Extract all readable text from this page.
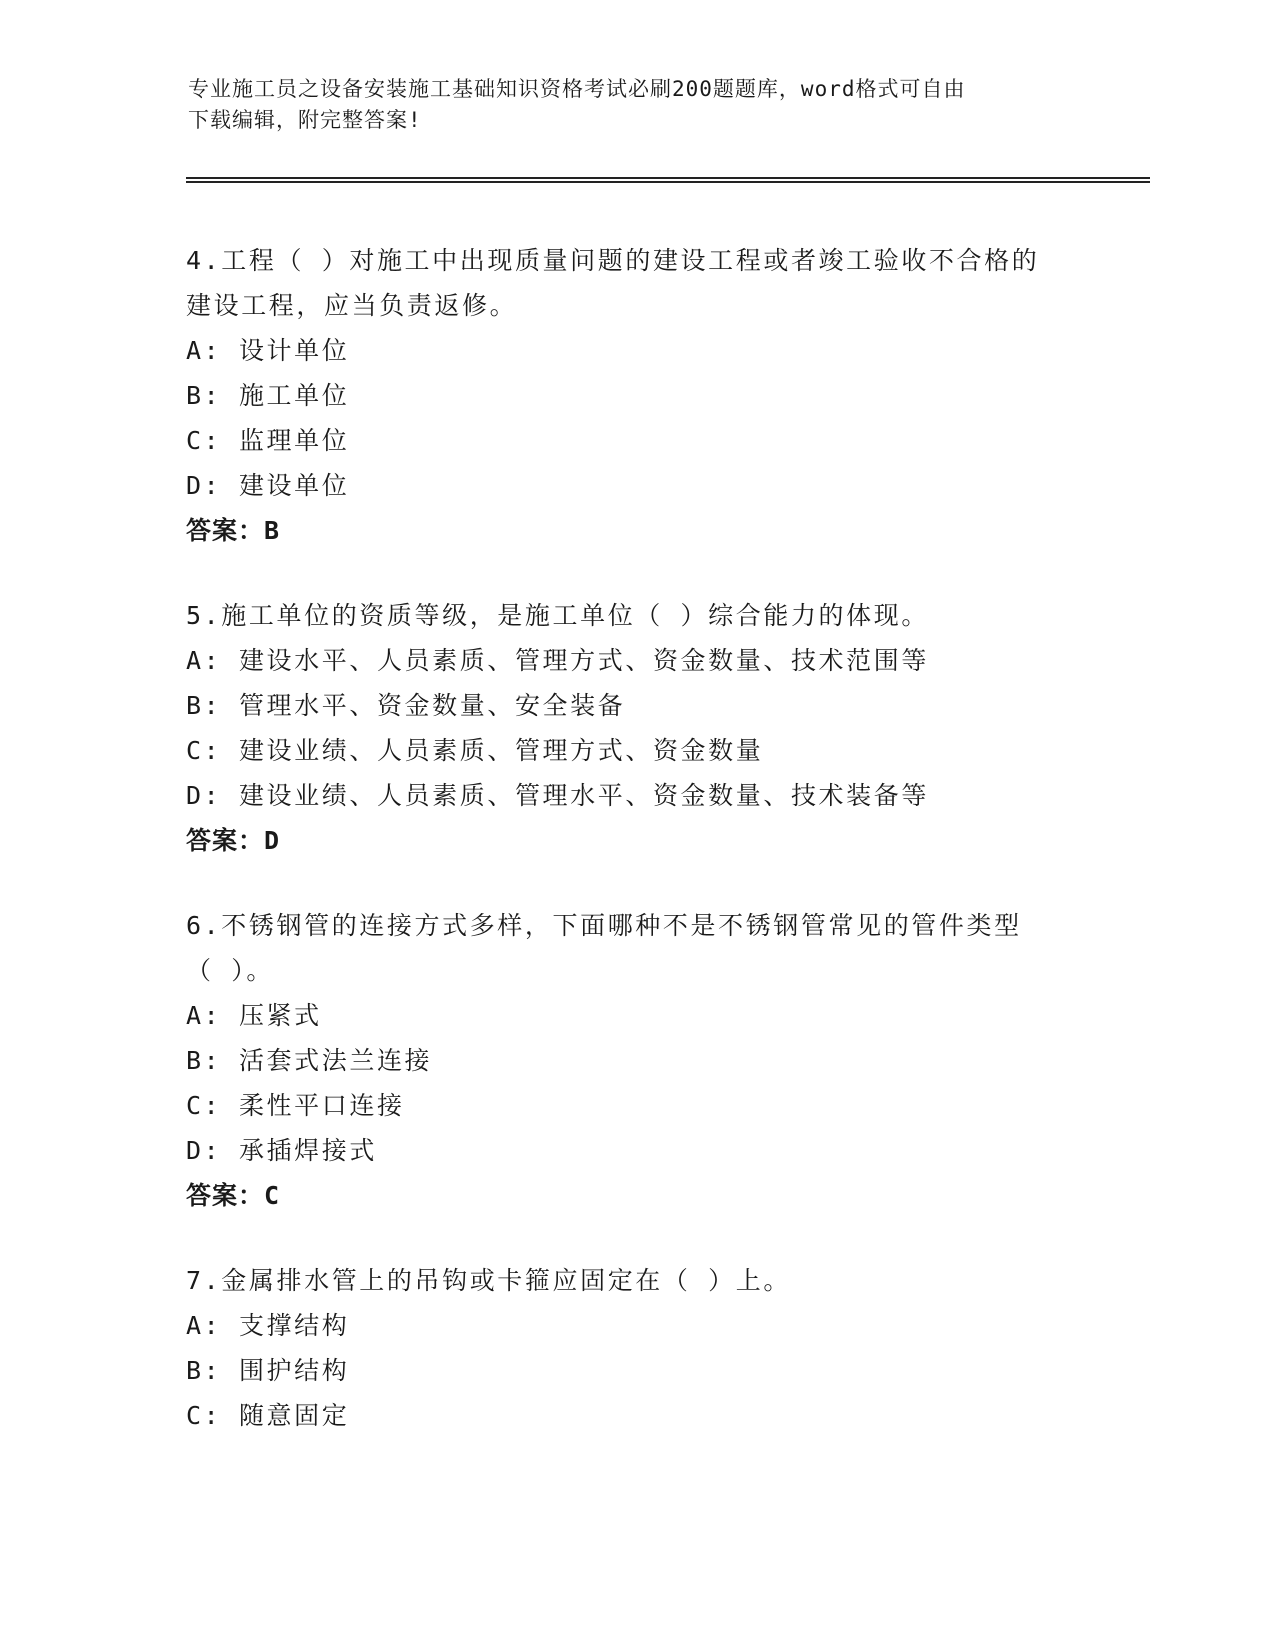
专业施工员之设备安装施工基础知识资格考试必刷200题题库，word格式可自由
下载编辑，附完整答案!
4.工程（ ）对施工中出现质量问题的建设工程或者竣工验收不合格的
建设工程，应当负责返修。
A: 设计单位
B: 施工单位
C: 监理单位
D: 建设单位
答案：B
5.施工单位的资质等级，是施工单位（ ）综合能力的体现。
A: 建设水平、人员素质、管理方式、资金数量、技术范围等
B: 管理水平、资金数量、安全装备
C: 建设业绩、人员素质、管理方式、资金数量
D: 建设业绩、人员素质、管理水平、资金数量、技术装备等
答案：D
6.不锈钢管的连接方式多样，下面哪种不是不锈钢管常见的管件类型
（ ）。
A: 压紧式
B: 活套式法兰连接
C: 柔性平口连接
D: 承插焊接式
答案：C
7.金属排水管上的吊钩或卡箍应固定在（ ）上。
A: 支撑结构
B: 围护结构
C: 随意固定
